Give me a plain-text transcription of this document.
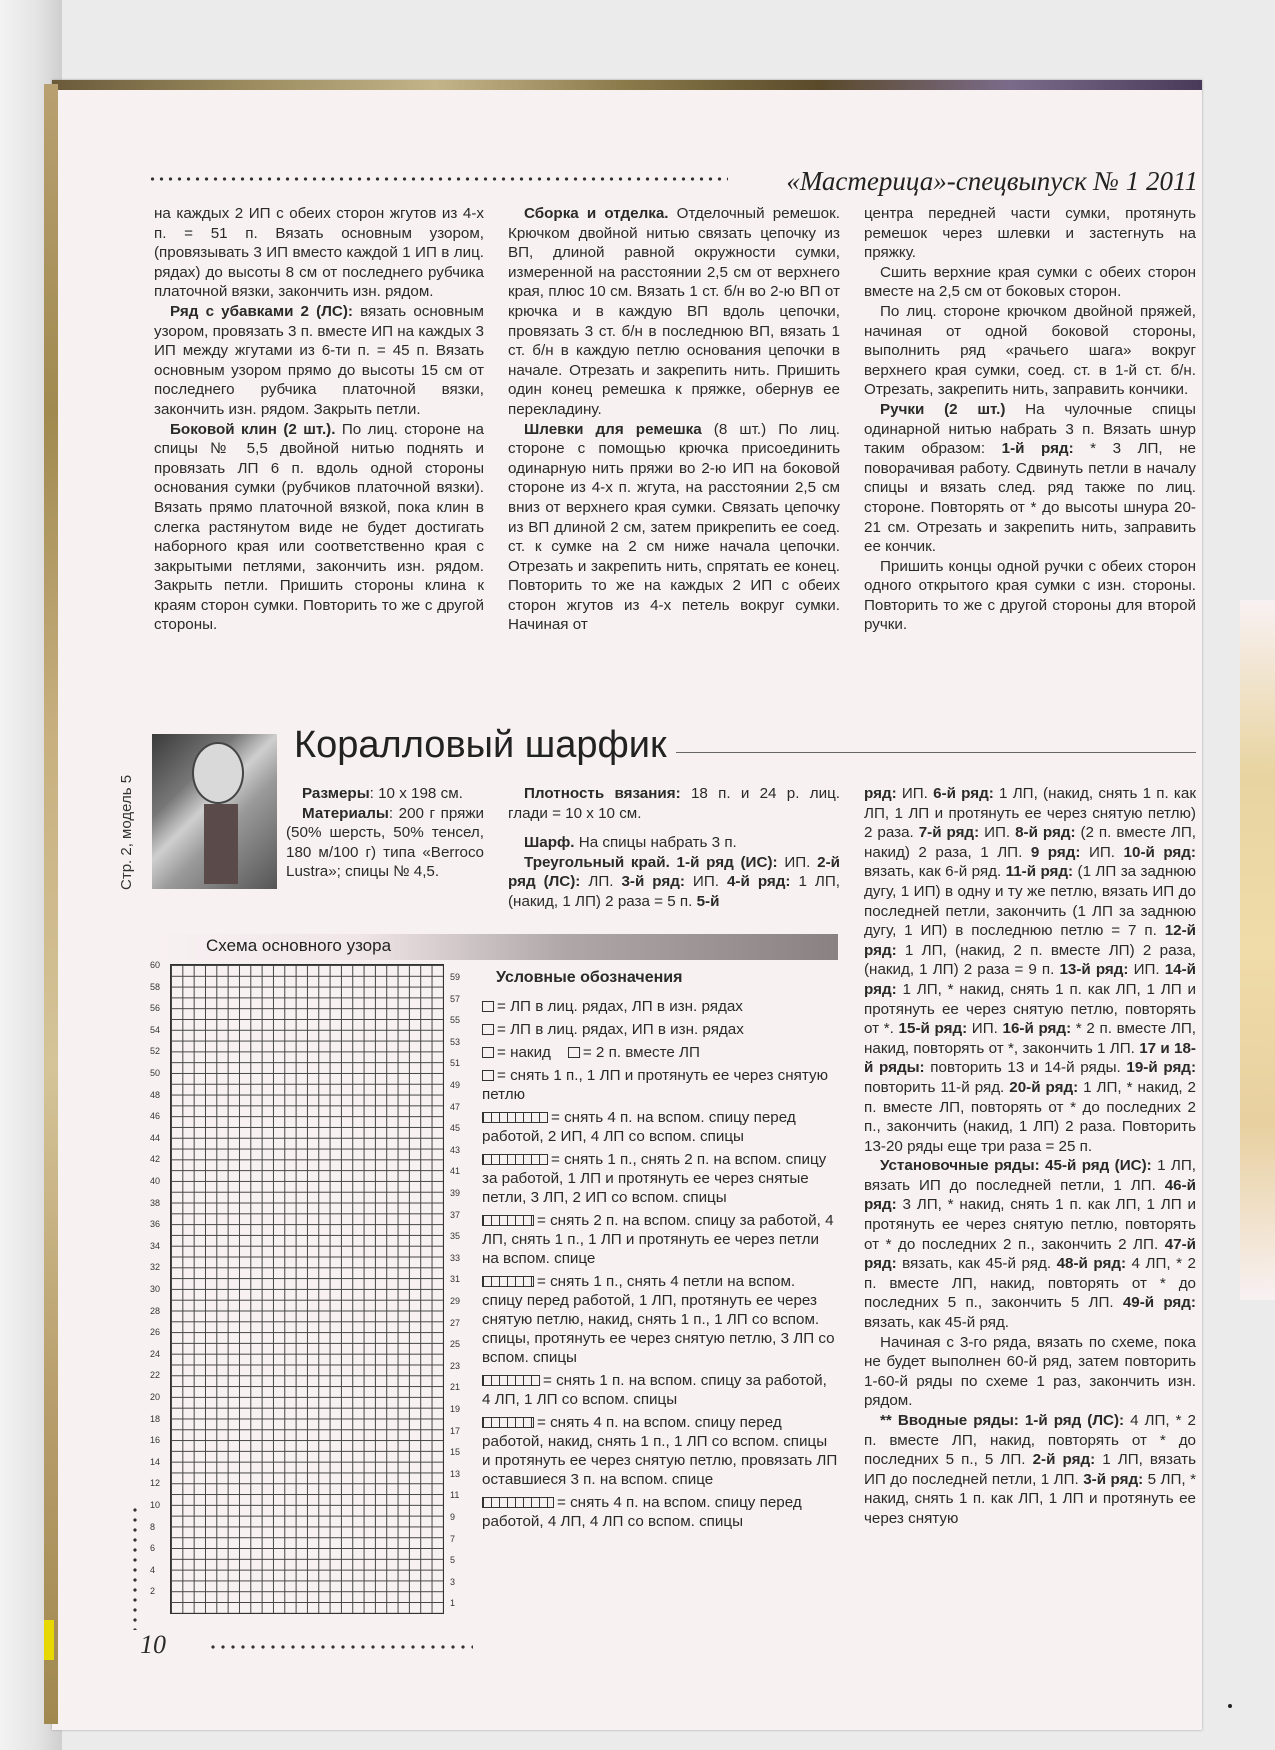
«Мастерица»-спецвыпуск № 1 2011

на каждых 2 ИП с обеих сторон жгутов из 4-х п. = 51 п. Вязать основным узором, (провязывать 3 ИП вместо каждой 1 ИП в лиц. рядах) до высоты 8 см от последнего рубчика платочной вязки, закончить изн. рядом.

Ряд с убавками 2 (ЛС): вязать основным узором, провязать 3 п. вместе ИП на каждых 3 ИП между жгутами из 6-ти п. = 45 п. Вязать основным узором прямо до высоты 15 см от последнего рубчика платочной вязки, закончить изн. рядом. Закрыть петли.

Боковой клин (2 шт.). По лиц. стороне на спицы № 5,5 двойной нитью поднять и провязать ЛП 6 п. вдоль одной стороны основания сумки (рубчиков платочной вязки). Вязать прямо платочной вязкой, пока клин в слегка растянутом виде не будет достигать наборного края или соответственно края с закрытыми петлями, закончить изн. рядом. Закрыть петли. Пришить стороны клина к краям сторон сумки. Повторить то же с другой стороны.

Сборка и отделка. Отделочный ремешок. Крючком двойной нитью связать цепочку из ВП, длиной равной окружности сумки, измеренной на расстоянии 2,5 см от верхнего края, плюс 10 см. Вязать 1 ст. б/н во 2-ю ВП от крючка и в каждую ВП вдоль цепочки, провязать 3 ст. б/н в последнюю ВП, вязать 1 ст. б/н в каждую петлю основания цепочки в начале. Отрезать и закрепить нить. Пришить один конец ремешка к пряжке, обернув ее перекладину.

Шлевки для ремешка (8 шт.) По лиц. стороне с помощью крючка присоединить одинарную нить пряжи во 2-ю ИП на боковой стороне из 4-х п. жгута, на расстоянии 2,5 см вниз от верхнего края сумки. Связать цепочку из ВП длиной 2 см, затем прикрепить ее соед. ст. к сумке на 2 см ниже начала цепочки. Отрезать и закрепить нить, спрятать ее конец. Повторить то же на каждых 2 ИП с обеих сторон жгутов из 4-х петель вокруг сумки. Начиная от

центра передней части сумки, протянуть ремешок через шлевки и застегнуть на пряжку.

Сшить верхние края сумки с обеих сторон вместе на 2,5 см от боковых сторон.

По лиц. стороне крючком двойной пряжей, начиная от одной боковой стороны, выполнить ряд «рачьего шага» вокруг верхнего края сумки, соед. ст. в 1-й ст. б/н. Отрезать, закрепить нить, заправить кончики.

Ручки (2 шт.) На чулочные спицы одинарной нитью набрать 3 п. Вязать шнур таким образом: 1-й ряд: * 3 ЛП, не поворачивая работу. Сдвинуть петли в началу спицы и вязать след. ряд также по лиц. стороне. Повторять от * до высоты шнура 20-21 см. Отрезать и закрепить нить, заправить ее кончик.

Пришить концы одной ручки с обеих сторон одного открытого края сумки с изн. стороны. Повторить то же с другой стороны для второй ручки.

Коралловый шарфик
Стр. 2, модель 5	Размеры: 10 х 198 см.

Материалы: 200 г пряжи (50% шерсть, 50% тенсел, 180 м/100 г) типа «Berroco Lustra»; спицы № 4,5.

Плотность вязания: 18 п. и 24 р. лиц. глади = 10 х 10 см.

Шарф. На спицы набрать 3 п.

Треугольный край. 1-й ряд (ИС): ИП. 2-й ряд (ЛС): ЛП. 3-й ряд: ИП. 4-й ряд: 1 ЛП, (накид, 1 ЛП) 2 раза = 5 п. 5-й

ряд: ИП. 6-й ряд: 1 ЛП, (накид, снять 1 п. как ЛП, 1 ЛП и протянуть ее через снятую петлю) 2 раза. 7-й ряд: ИП. 8-й ряд: (2 п. вместе ЛП, накид) 2 раза, 1 ЛП. 9 ряд: ИП. 10-й ряд: вязать, как 6-й ряд. 11-й ряд: (1 ЛП за заднюю дугу, 1 ИП) в одну и ту же петлю, вязать ИП до последней петли, закончить (1 ЛП за заднюю дугу, 1 ИП) в последнюю петлю = 7 п. 12-й ряд: 1 ЛП, (накид, 2 п. вместе ЛП) 2 раза, (накид, 1 ЛП) 2 раза = 9 п. 13-й ряд: ИП. 14-й ряд: 1 ЛП, * накид, снять 1 п. как ЛП, 1 ЛП и протянуть ее через снятую петлю, повторять от *. 15-й ряд: ИП. 16-й ряд: * 2 п. вместе ЛП, накид, повторять от *, закончить 1 ЛП. 17 и 18-й ряды: повторить 13 и 14-й ряды. 19-й ряд: повторить 11-й ряд. 20-й ряд: 1 ЛП, * накид, 2 п. вместе ЛП, повторять от * до последних 2 п., закончить (накид, 1 ЛП) 2 раза. Повторить 13-20 ряды еще три раза = 25 п.

Установочные ряды: 45-й ряд (ИС): 1 ЛП, вязать ИП до последней петли, 1 ЛП. 46-й ряд: 3 ЛП, * накид, снять 1 п. как ЛП, 1 ЛП и протянуть ее через снятую петлю, повторять от * до последних 2 п., закончить 2 ЛП. 47-й ряд: вязать, как 45-й ряд. 48-й ряд: 4 ЛП, * 2 п. вместе ЛП, накид, повторять от * до последних 5 п., закончить 5 ЛП. 49-й ряд: вязать, как 45-й ряд.

Начиная с 3-го ряда, вязать по схеме, пока не будет выполнен 60-й ряд, затем повторить 1-60-й ряды по схеме 1 раз, закончить изн. рядом.

** Вводные ряды: 1-й ряд (ЛС): 4 ЛП, * 2 п. вместе ЛП, накид, повторять от * до последних 5 п., 5 ЛП. 2-й ряд: 1 ЛП, вязать ИП до последней петли, 1 ЛП. 3-й ряд: 5 ЛП, * накид, снять 1 п. как ЛП, 1 ЛП и протянуть ее через снятую

Схема основного узора
60
58
56
54
52
50
48
46
44
42
40
38
36
34
32
30
28
26
24
22
20
18
16
14
12
10
8
6
4
2
59
57
55
53
51
49
47
45
43
41
39
37
35
33
31
29
27
25
23
21
19
17
15
13
11
9
7
5
3
1
Условные обозначения
= ЛП в лиц. рядах, ЛП в изн. рядах
= ЛП в лиц. рядах, ИП в изн. рядах
= накид = 2 п. вместе ЛП
= снять 1 п., 1 ЛП и протянуть ее через снятую петлю
= снять 4 п. на вспом. спицу перед работой, 2 ИП, 4 ЛП со вспом. спицы
= снять 1 п., снять 2 п. на вспом. спицу за работой, 1 ЛП и протянуть ее через снятые петли, 3 ЛП, 2 ИП со вспом. спицы
= снять 2 п. на вспом. спицу за работой, 4 ЛП, снять 1 п., 1 ЛП и протянуть ее через петли на вспом. спице
= снять 1 п., снять 4 петли на вспом. спицу перед работой, 1 ЛП, протянуть ее через снятую петлю, накид, снять 1 п., 1 ЛП со вспом. спицы, протянуть ее через снятую петлю, 3 ЛП со вспом. спицы
= снять 1 п. на вспом. спицу за работой, 4 ЛП, 1 ЛП со вспом. спицы
= снять 4 п. на вспом. спицу перед работой, накид, снять 1 п., 1 ЛП со вспом. спицы и протянуть ее через снятую петлю, провязать ЛП оставшиеся 3 п. на вспом. спице
= снять 4 п. на вспом. спицу перед работой, 4 ЛП, 4 ЛП со вспом. спицы
10
